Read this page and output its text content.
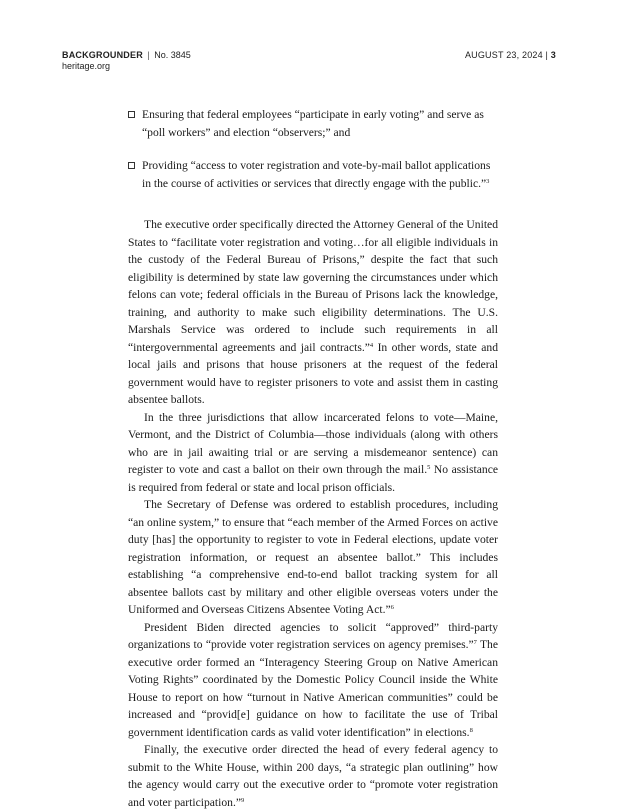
BACKGROUNDER | No. 3845
heritage.org
AUGUST 23, 2024 | 3
Ensuring that federal employees “participate in early voting” and serve as “poll workers” and election “observers;” and
Providing “access to voter registration and vote-by-mail ballot applications in the course of activities or services that directly engage with the public.”$^3$

The executive order specifically directed the Attorney General of the United States to “facilitate voter registration and voting…for all eligible individuals in the custody of the Federal Bureau of Prisons,” despite the fact that such eligibility is determined by state law governing the circumstances under which felons can vote; federal officials in the Bureau of Prisons lack the knowledge, training, and authority to make such eligibility determinations. The U.S. Marshals Service was ordered to include such requirements in all “intergovernmental agreements and jail contracts.”$^4$ In other words, state and local jails and prisons that house prisoners at the request of the federal government would have to register prisoners to vote and assist them in casting absentee ballots.

In the three jurisdictions that allow incarcerated felons to vote—Maine, Vermont, and the District of Columbia—those individuals (along with others who are in jail awaiting trial or are serving a misdemeanor sentence) can register to vote and cast a ballot on their own through the mail.$^5$ No assistance is required from federal or state and local prison officials.

The Secretary of Defense was ordered to establish procedures, including “an online system,” to ensure that “each member of the Armed Forces on active duty [has] the opportunity to register to vote in Federal elections, update voter registration information, or request an absentee ballot.” This includes establishing “a comprehensive end-to-end ballot tracking system for all absentee ballots cast by military and other eligible overseas voters under the Uniformed and Overseas Citizens Absentee Voting Act.”$^6$

President Biden directed agencies to solicit “approved” third-party organizations to “provide voter registration services on agency premises.”$^7$ The executive order formed an “Interagency Steering Group on Native American Voting Rights” coordinated by the Domestic Policy Council inside the White House to report on how “turnout in Native American communities” could be increased and “provid[e] guidance on how to facilitate the use of Tribal government identification cards as valid voter identification” in elections.$^8$

Finally, the executive order directed the head of every federal agency to submit to the White House, within 200 days, “a strategic plan outlining” how the agency would carry out the executive order to “promote voter registration and voter participation.”$^9$
